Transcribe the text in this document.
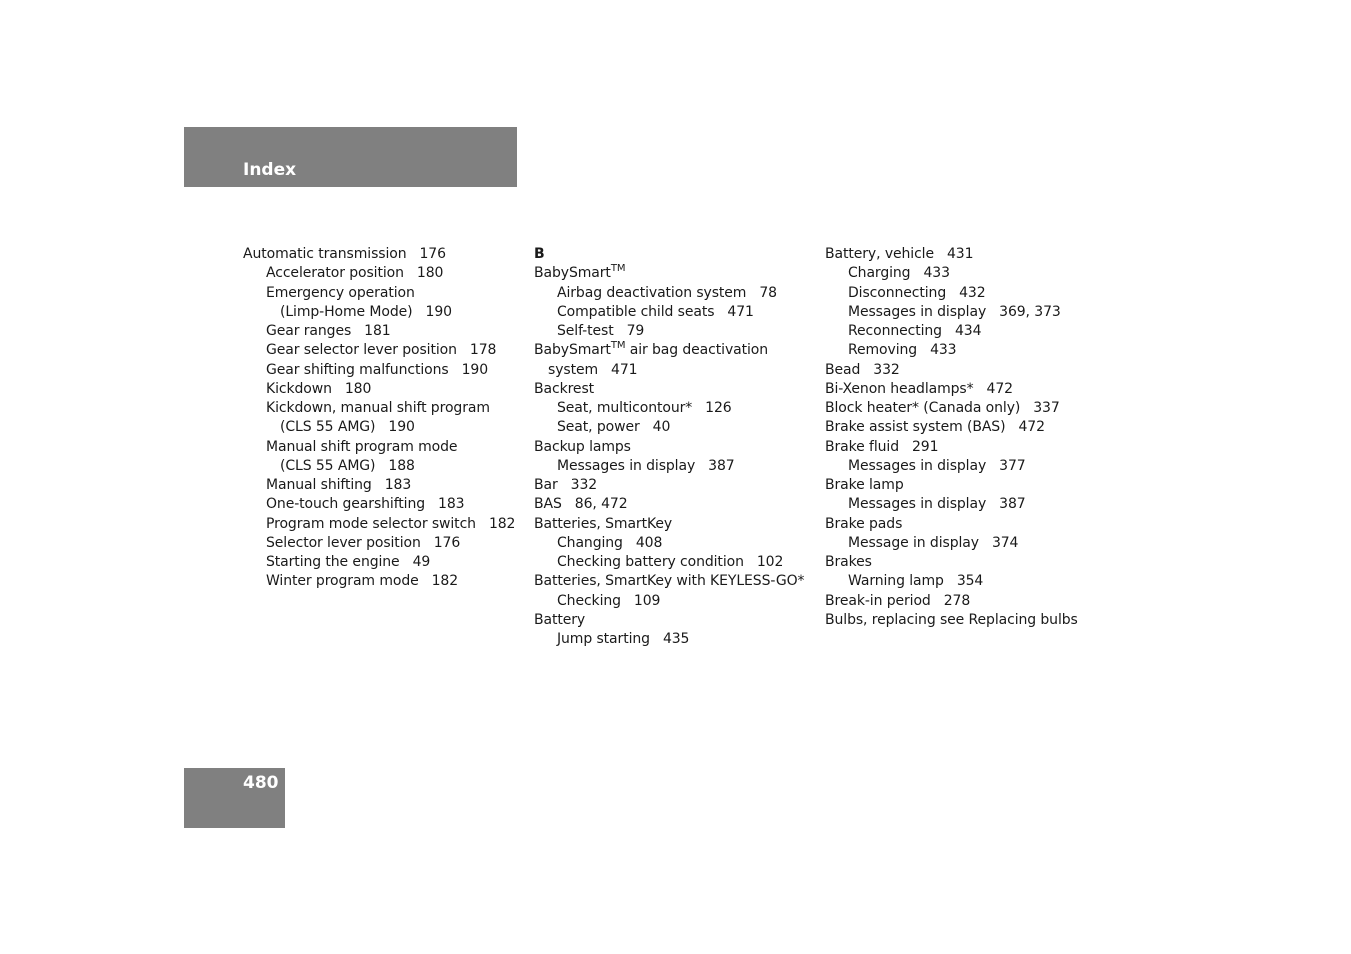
Index
Automatic transmission 176
Accelerator position 180
Emergency operation
(Limp-Home Mode) 190
Gear ranges 181
Gear selector lever position 178
Gear shifting malfunctions 190
Kickdown 180
Kickdown, manual shift program
(CLS 55 AMG) 190
Manual shift program mode
(CLS 55 AMG) 188
Manual shifting 183
One-touch gearshifting 183
Program mode selector switch 182
Selector lever position 176
Starting the engine 49
Winter program mode 182
B
BabySmart™
Airbag deactivation system 78
Compatible child seats 471
Self-test 79
BabySmart™ air bag deactivation
system 471
Backrest
Seat, multicontour* 126
Seat, power 40
Backup lamps
Messages in display 387
Bar 332
BAS 86, 472
Batteries, SmartKey
Changing 408
Checking battery condition 102
Batteries, SmartKey with KEYLESS-GO*
Checking 109
Battery
Jump starting 435
Battery, vehicle 431
Charging 433
Disconnecting 432
Messages in display 369, 373
Reconnecting 434
Removing 433
Bead 332
Bi-Xenon headlamps* 472
Block heater* (Canada only) 337
Brake assist system (BAS) 472
Brake fluid 291
Messages in display 377
Brake lamp
Messages in display 387
Brake pads
Message in display 374
Brakes
Warning lamp 354
Break-in period 278
Bulbs, replacing see Replacing bulbs
480
